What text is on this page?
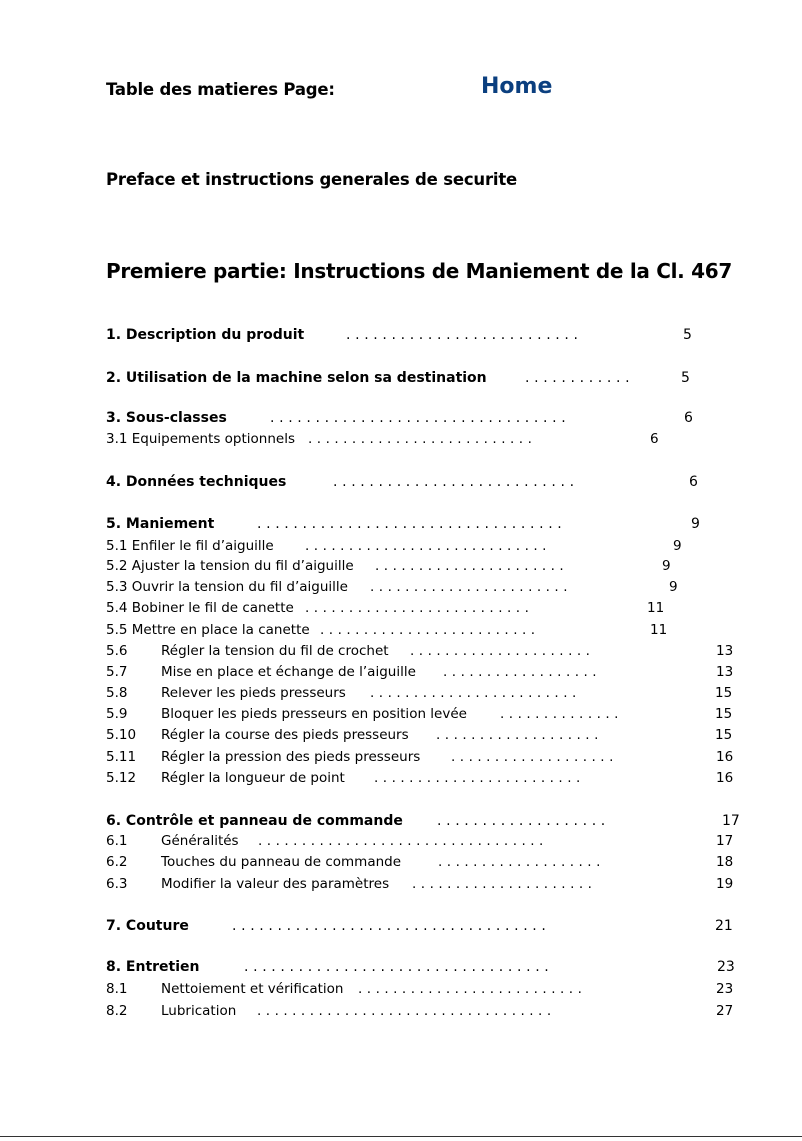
Table des matieres Page:	Home
Preface et instructions generales de securite
Premiere partie: Instructions de Maniement de la Cl. 467
1. Description du produit	. . . . . . . . . . . . . . . . . . . . . . . . . .	5
2. Utilisation de la machine selon sa destination	. . . . . . . . . . . .	5
3. Sous-classes	. . . . . . . . . . . . . . . . . . . . . . . . . . . . . . . . .	6
3.1 Equipements optionnels . . . . . . . . . . . . . . . . . . . . . . . . . .	6
4. Données techniques	. . . . . . . . . . . . . . . . . . . . . . . . . . .	6
5. Maniement	. . . . . . . . . . . . . . . . . . . . . . . . . . . . . . . . . .	9
5.1 Enfiler le fil d’aiguille . . . . . . . . . . . . . . . . . . . . . . . . . . . .	9
5.2 Ajuster la tension du fil d’aiguille . . . . . . . . . . . . . . . . . . . . . .	9
5.3 Ouvrir la tension du fil d’aiguille . . . . . . . . . . . . . . . . . . . . . . .	9
5.4 Bobiner le fil de canette . . . . . . . . . . . . . . . . . . . . . . . . . .	11
5.5 Mettre en place la canette . . . . . . . . . . . . . . . . . . . . . . . . .	11
5.6 Régler la tension du fil de crochet . . . . . . . . . . . . . . . . . . . . .	13
5.7 Mise en place et échange de l’aiguille . . . . . . . . . . . . . . . . . .	13
5.8 Relever les pieds presseurs . . . . . . . . . . . . . . . . . . . . . . . .	15
5.9 Bloquer les pieds presseurs en position levée . . . . . . . . . . . . . .	15
5.10 Régler la course des pieds presseurs . . . . . . . . . . . . . . . . . . .	15
5.11 Régler la pression des pieds presseurs . . . . . . . . . . . . . . . . . . .	16
5.12 Régler la longueur de point . . . . . . . . . . . . . . . . . . . . . . . .	16
6. Contrôle et panneau de commande . . . . . . . . . . . . . . . . . . .	17
6.1 Généralités . . . . . . . . . . . . . . . . . . . . . . . . . . . . . . . . .	17
6.2 Touches du panneau de commande	. . . . . . . . . . . . . . . . . . .	18
6.3 Modifier la valeur des paramètres . . . . . . . . . . . . . . . . . . . . .	19
7. Couture	. . . . . . . . . . . . . . . . . . . . . . . . . . . . . . . . . . .	21
8. Entretien	. . . . . . . . . . . . . . . . . . . . . . . . . . . . . . . . . .	23
8.1 Nettoiement et vérification . . . . . . . . . . . . . . . . . . . . . . . . . .	23
8.2 Lubrication . . . . . . . . . . . . . . . . . . . . . . . . . . . . . . . . . .	27
